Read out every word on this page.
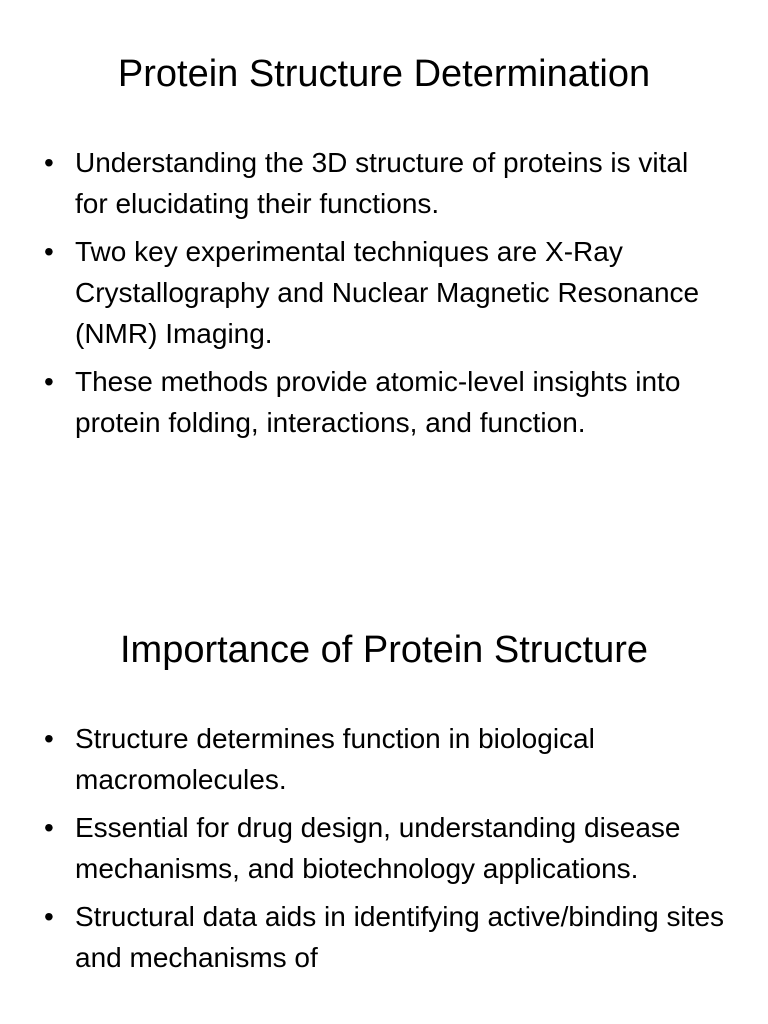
Protein Structure Determination
• Understanding the 3D structure of proteins is vital for elucidating their functions.
• Two key experimental techniques are X-Ray Crystallography and Nuclear Magnetic Resonance (NMR) Imaging.
• These methods provide atomic-level insights into protein folding, interactions, and function.
Importance of Protein Structure
• Structure determines function in biological macromolecules.
• Essential for drug design, understanding disease mechanisms, and biotechnology applications.
• Structural data aids in identifying active/binding sites and mechanisms of
